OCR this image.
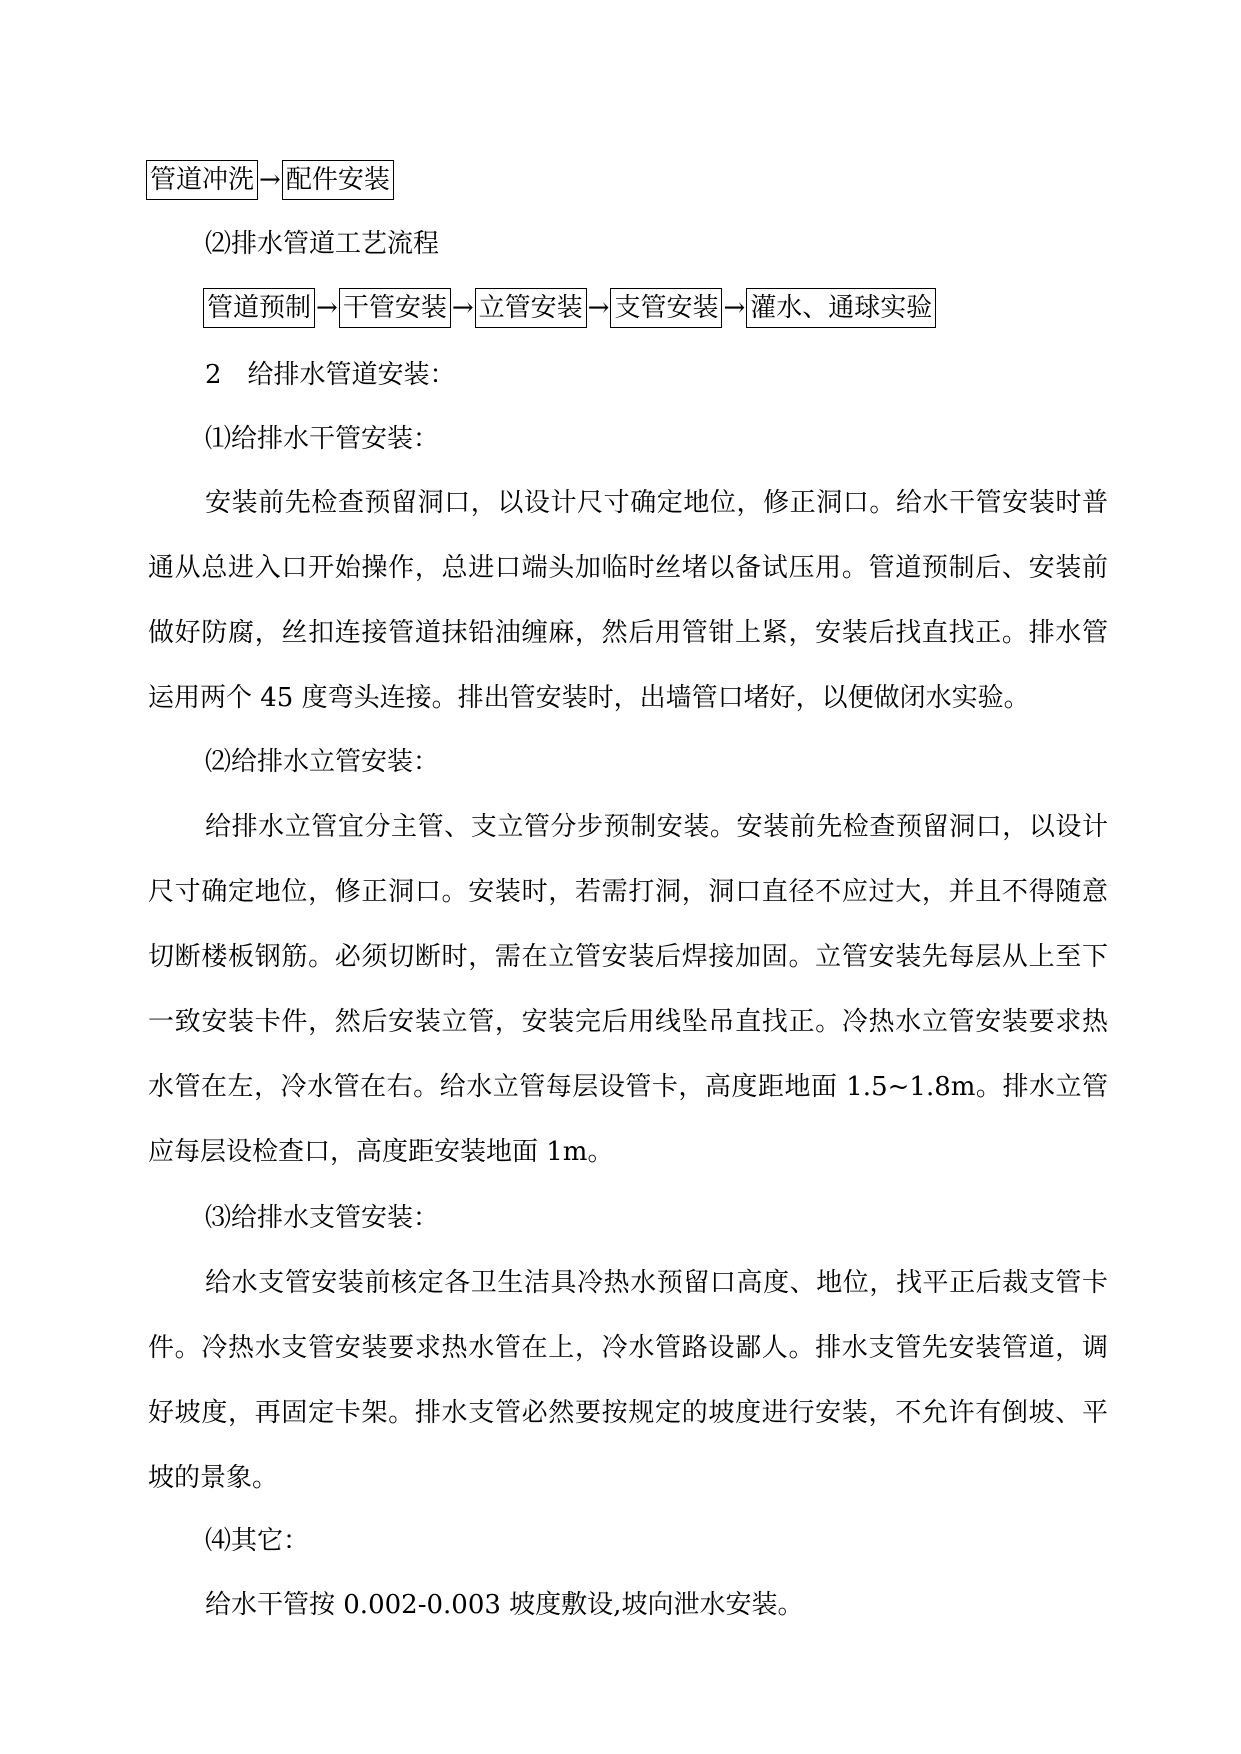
管道冲洗 → 配件安装
⑵排水管道工艺流程
管道预制 → 干管安装 → 立管安装 → 支管安装 → 灌水、通球实验
2　给排水管道安装：
⑴给排水干管安装：
安装前先检查预留洞口，以设计尺寸确定地位，修正洞口。给水干管安装时普通从总进入口开始操作，总进口端头加临时丝堵以备试压用。管道预制后、安装前做好防腐，丝扣连接管道抹铅油缠麻，然后用管钳上紧，安装后找直找正。排水管运用两个 45 度弯头连接。排出管安装时，出墙管口堵好，以便做闭水实验。
⑵给排水立管安装：
给排水立管宜分主管、支立管分步预制安装。安装前先检查预留洞口，以设计尺寸确定地位，修正洞口。安装时，若需打洞，洞口直径不应过大，并且不得随意切断楼板钢筋。必须切断时，需在立管安装后焊接加固。立管安装先每层从上至下一致安装卡件，然后安装立管，安装完后用线坠吊直找正。冷热水立管安装要求热水管在左，冷水管在右。给水立管每层设管卡，高度距地面 1.5~1.8m。排水立管应每层设检查口，高度距安装地面 1m。
⑶给排水支管安装：
给水支管安装前核定各卫生洁具冷热水预留口高度、地位，找平正后裁支管卡件。冷热水支管安装要求热水管在上，冷水管路设鄙人。排水支管先安装管道，调好坡度，再固定卡架。排水支管必然要按规定的坡度进行安装，不允许有倒坡、平坡的景象。
⑷其它：
给水干管按 0.002-0.003 坡度敷设,坡向泄水安装。
